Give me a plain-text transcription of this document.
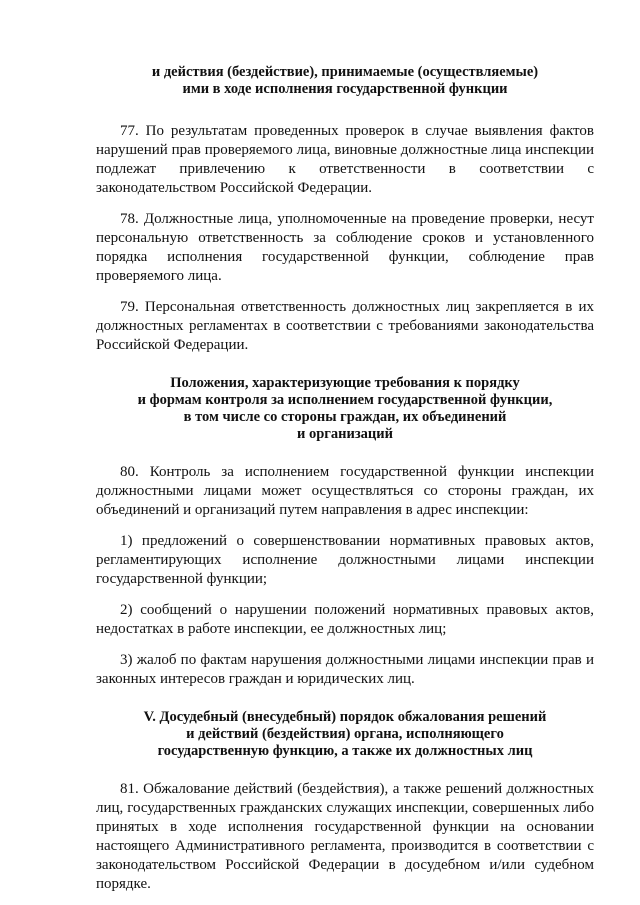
и действия (бездействие), принимаемые (осуществляемые)
ими в ходе исполнения государственной функции

77. По результатам проведенных проверок в случае выявления фактов нарушений прав проверяемого лица, виновные должностные лица инспекции подлежат привлечению к ответственности в соответствии с законодательством Российской Федерации.

78. Должностные лица, уполномоченные на проведение проверки, несут персональную ответственность за соблюдение сроков и установленного порядка исполнения государственной функции, соблюдение прав проверяемого лица.

79. Персональная ответственность должностных лиц закрепляется в их должностных регламентах в соответствии с требованиями законодательства Российской Федерации.

Положения, характеризующие требования к порядку
и формам контроля за исполнением государственной функции,
в том числе со стороны граждан, их объединений
и организаций

80. Контроль за исполнением государственной функции инспекции должностными лицами может осуществляться со стороны граждан, их объединений и организаций путем направления в адрес инспекции:

1) предложений о совершенствовании нормативных правовых актов, регламентирующих исполнение должностными лицами инспекции государственной функции;

2) сообщений о нарушении положений нормативных правовых актов, недостатках в работе инспекции, ее должностных лиц;

3) жалоб по фактам нарушения должностными лицами инспекции прав и законных интересов граждан и юридических лиц.

V. Досудебный (внесудебный) порядок обжалования решений
и действий (бездействия) органа, исполняющего
государственную функцию, а также их должностных лиц

81. Обжалование действий (бездействия), а также решений должностных лиц, государственных гражданских служащих инспекции, совершенных либо принятых в ходе исполнения государственной функции на основании настоящего Административного регламента, производится в соответствии с законодательством Российской Федерации в досудебном и/или судебном порядке.
